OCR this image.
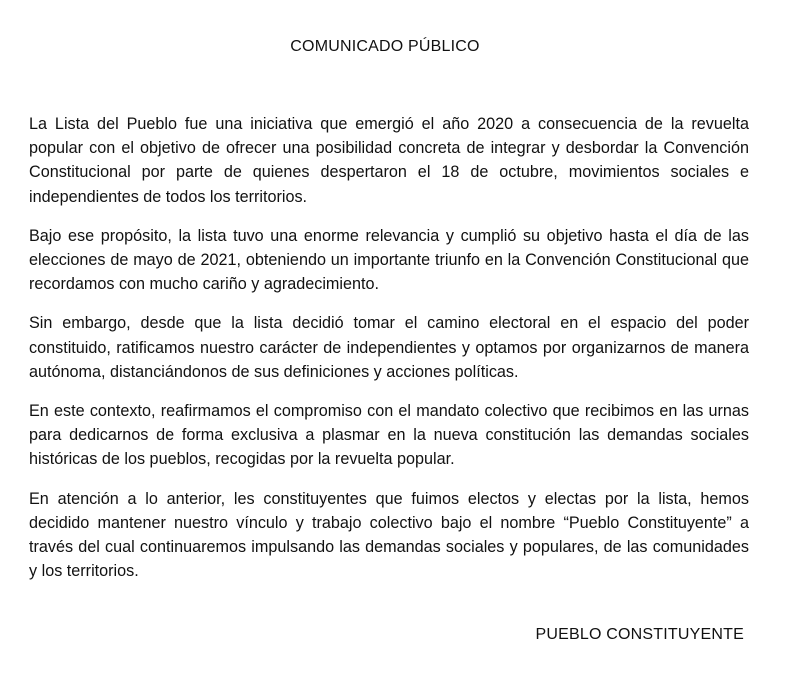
COMUNICADO PÚBLICO

La Lista del Pueblo fue una iniciativa que emergió el año 2020 a consecuencia de la revuelta popular con el objetivo de ofrecer una posibilidad concreta de integrar y desbordar la Convención Constitucional por parte de quienes despertaron el 18 de octubre, movimientos sociales e independientes de todos los territorios.

Bajo ese propósito, la lista tuvo una enorme relevancia y cumplió su objetivo hasta el día de las elecciones de mayo de 2021, obteniendo un importante triunfo en la Convención Constitucional que recordamos con mucho cariño y agradecimiento.

Sin embargo, desde que la lista decidió tomar el camino electoral en el espacio del poder constituido, ratificamos nuestro carácter de independientes y optamos por organizarnos de manera autónoma, distanciándonos de sus definiciones y acciones políticas.

En este contexto, reafirmamos el compromiso con el mandato colectivo que recibimos en las urnas para dedicarnos de forma exclusiva a plasmar en la nueva constitución las demandas sociales históricas de los pueblos, recogidas por la revuelta popular.

En atención a lo anterior, les constituyentes que fuimos electos y electas por la lista, hemos decidido mantener nuestro vínculo y trabajo colectivo bajo el nombre “Pueblo Constituyente” a través del cual continuaremos impulsando las demandas sociales y populares, de las comunidades y los territorios.

PUEBLO CONSTITUYENTE
